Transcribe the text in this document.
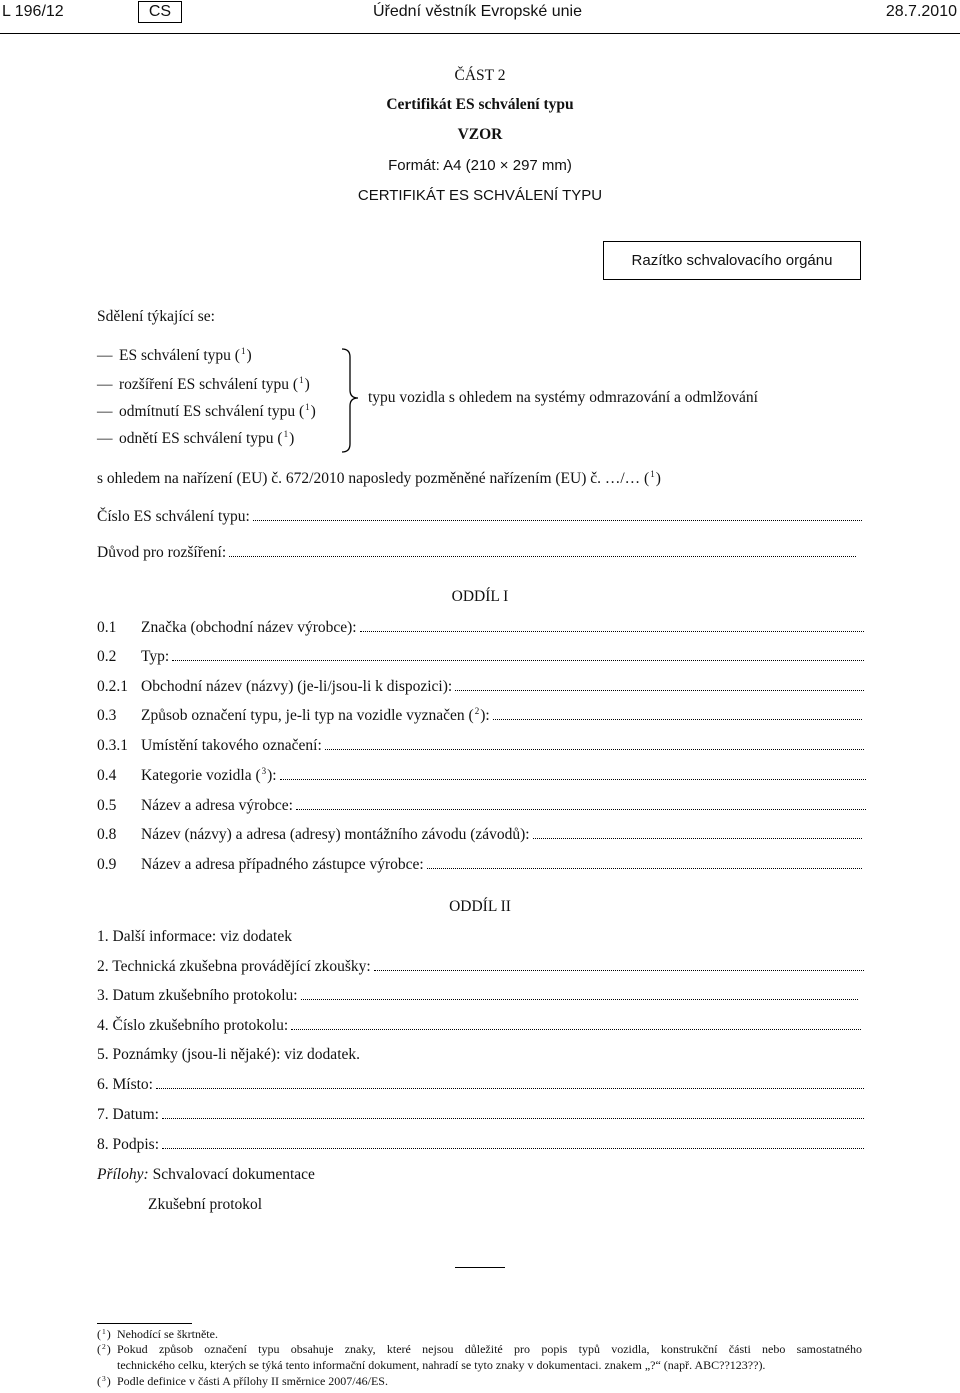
L 196/12	CS	Úřední věstník Evropské unie	28.7.2010
ČÁST 2
Certifikát ES schválení typu
VZOR
Formát: A4 (210 × 297 mm)
CERTIFIKÁT ES SCHVÁLENÍ TYPU
Razítko schvalovacího orgánu
Sdělení týkající se:
— ES schválení typu ($^1$)
— rozšíření ES schválení typu ($^1$)
— odmítnutí ES schválení typu ($^1$)
— odnětí ES schválení typu ($^1$)
typu vozidla s ohledem na systémy odmrazování a odmlžování
s ohledem na nařízení (EU) č. 672/2010 naposledy pozměněné nařízením (EU) č. …/… ($^1$)
Číslo ES schválení typu:
Důvod pro rozšíření:
ODDÍL I
0.1	Značka (obchodní název výrobce):
0.2	Typ:
0.2.1 Obchodní název (názvy) (je-li/jsou-li k dispozici):
0.3	Způsob označení typu, je-li typ na vozidle vyznačen ($^2$):
0.3.1 Umístění takového označení:
0.4	Kategorie vozidla ($^3$):
0.5	Název a adresa výrobce:
0.8	Název (názvy) a adresa (adresy) montážního závodu (závodů):
0.9	Název a adresa případného zástupce výrobce:
ODDÍL II
1. Další informace: viz dodatek
2. Technická zkušebna provádějící zkoušky:
3. Datum zkušebního protokolu:
4. Číslo zkušebního protokolu:
5. Poznámky (jsou-li nějaké): viz dodatek.
6. Místo:
7. Datum:
8. Podpis:
Přílohy: Schvalovací dokumentace
Zkušební protokol
($^1$) Nehodící se škrtněte.
($^2$) Pokud způsob označení typu obsahuje znaky, které nejsou důležité pro popis typů vozidla, konstrukční části nebo samostatného
technického celku, kterých se týká tento informační dokument, nahradí se tyto znaky v dokumentaci. znakem „?“ (např. ABC??123??).
($^3$) Podle definice v části A přílohy II směrnice 2007/46/ES.
